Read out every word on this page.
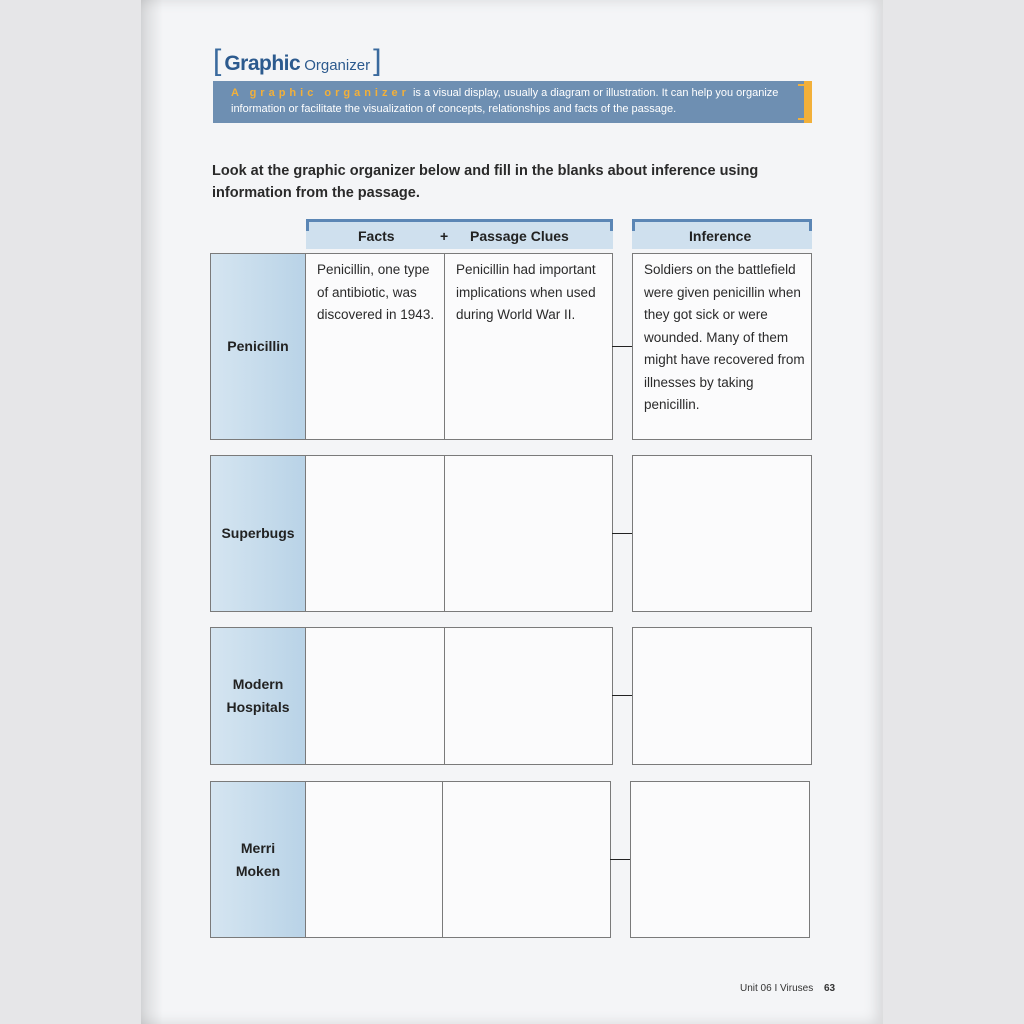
[ Graphic Organizer ]
A graphic organizer is a visual display, usually a diagram or illustration. It can help you organize
information or facilitate the visualization of concepts, relationships and facts of the passage.
Look at the graphic organizer below and fill in the blanks about inference using information from the passage.
Facts	+ Passage Clues	Inference
Penicillin
Penicillin, one type of antibiotic, was discovered in 1943.
Penicillin had important implications when used during World War II.
Soldiers on the battlefield were given penicillin when they got sick or were wounded. Many of them might have recovered from illnesses by taking penicillin.
Superbugs
Modern Hospitals
Merri Moken
Unit 06 I Viruses 63
